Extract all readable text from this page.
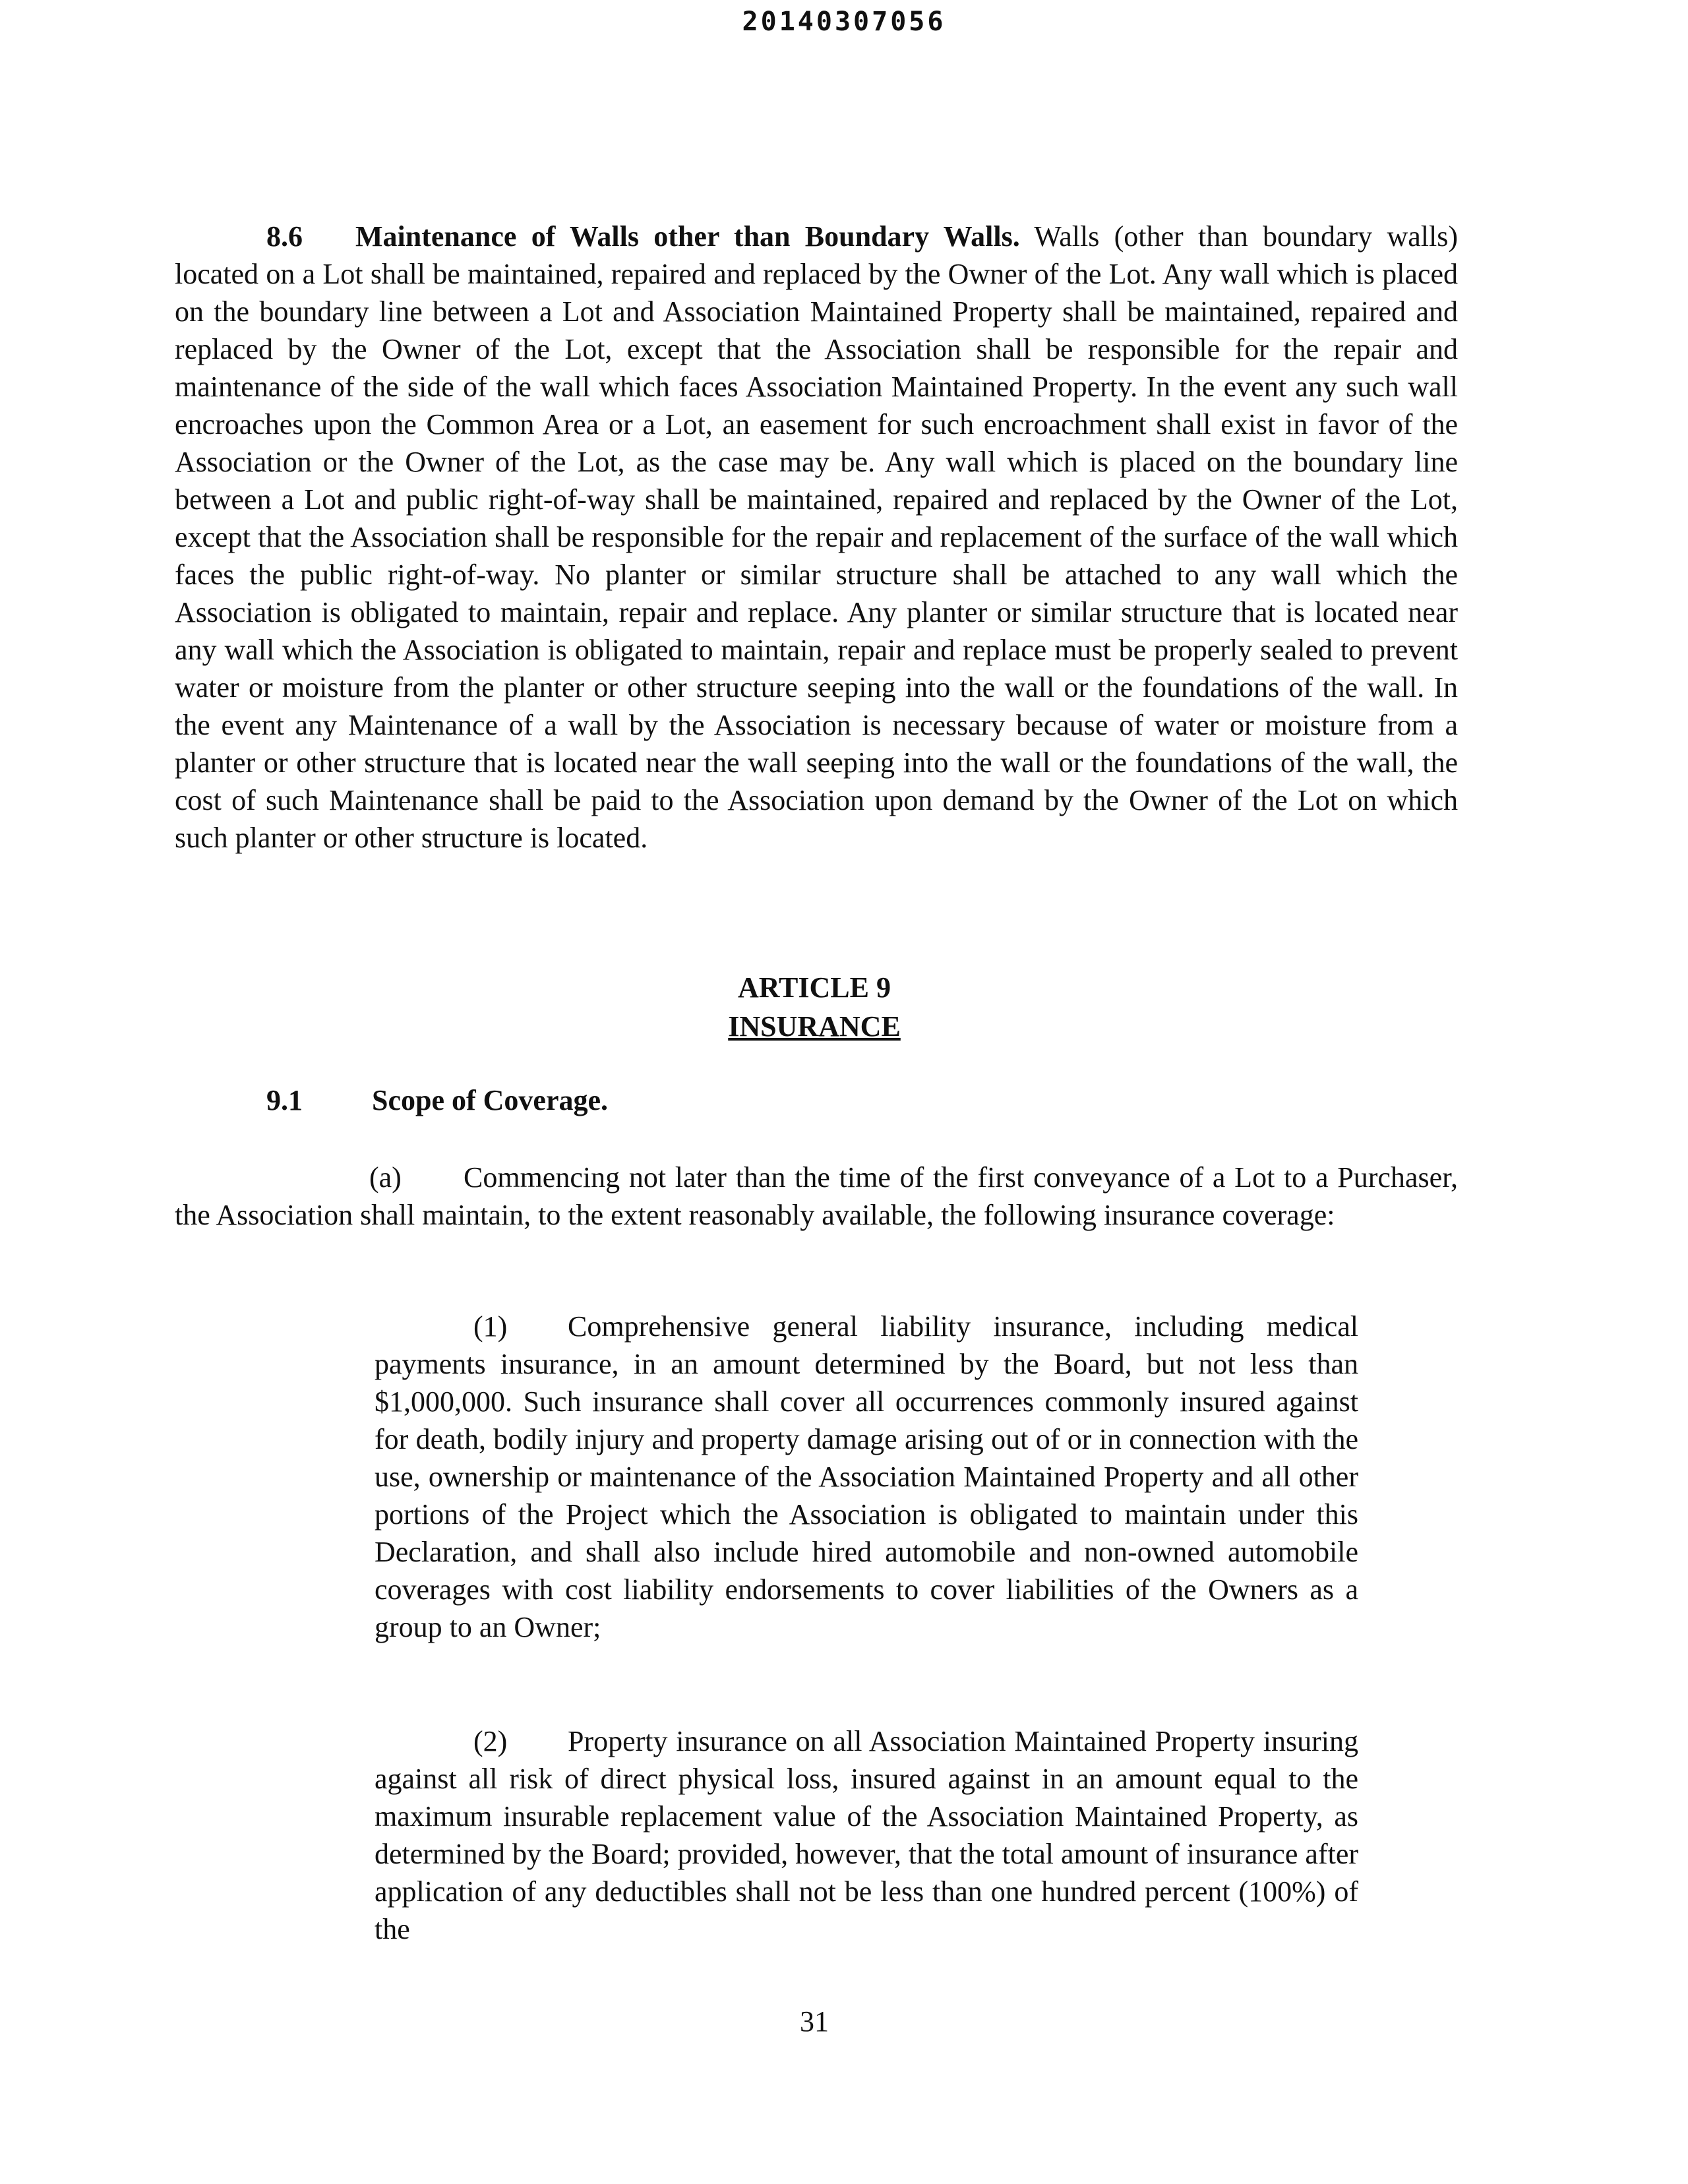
20140307056

8.6 Maintenance of Walls other than Boundary Walls. Walls (other than boundary walls) located on a Lot shall be maintained, repaired and replaced by the Owner of the Lot. Any wall which is placed on the boundary line between a Lot and Association Maintained Property shall be maintained, repaired and replaced by the Owner of the Lot, except that the Association shall be responsible for the repair and maintenance of the side of the wall which faces Association Maintained Property. In the event any such wall encroaches upon the Common Area or a Lot, an easement for such encroachment shall exist in favor of the Association or the Owner of the Lot, as the case may be. Any wall which is placed on the boundary line between a Lot and public right-of-way shall be maintained, repaired and replaced by the Owner of the Lot, except that the Association shall be responsible for the repair and replacement of the surface of the wall which faces the public right-of-way. No planter or similar structure shall be attached to any wall which the Association is obligated to maintain, repair and replace. Any planter or similar structure that is located near any wall which the Association is obligated to maintain, repair and replace must be properly sealed to prevent water or moisture from the planter or other structure seeping into the wall or the foundations of the wall. In the event any Maintenance of a wall by the Association is necessary because of water or moisture from a planter or other structure that is located near the wall seeping into the wall or the foundations of the wall, the cost of such Maintenance shall be paid to the Association upon demand by the Owner of the Lot on which such planter or other structure is located.

ARTICLE 9
INSURANCE
9.1 Scope of Coverage.

(a) Commencing not later than the time of the first conveyance of a Lot to a Purchaser, the Association shall maintain, to the extent reasonably available, the following insurance coverage:

(1) Comprehensive general liability insurance, including medical payments insurance, in an amount determined by the Board, but not less than $1,000,000. Such insurance shall cover all occurrences commonly insured against for death, bodily injury and property damage arising out of or in connection with the use, ownership or maintenance of the Association Maintained Property and all other portions of the Project which the Association is obligated to maintain under this Declaration, and shall also include hired automobile and non-owned automobile coverages with cost liability endorsements to cover liabilities of the Owners as a group to an Owner;

(2) Property insurance on all Association Maintained Property insuring against all risk of direct physical loss, insured against in an amount equal to the maximum insurable replacement value of the Association Maintained Property, as determined by the Board; provided, however, that the total amount of insurance after application of any deductibles shall not be less than one hundred percent (100%) of the

31
